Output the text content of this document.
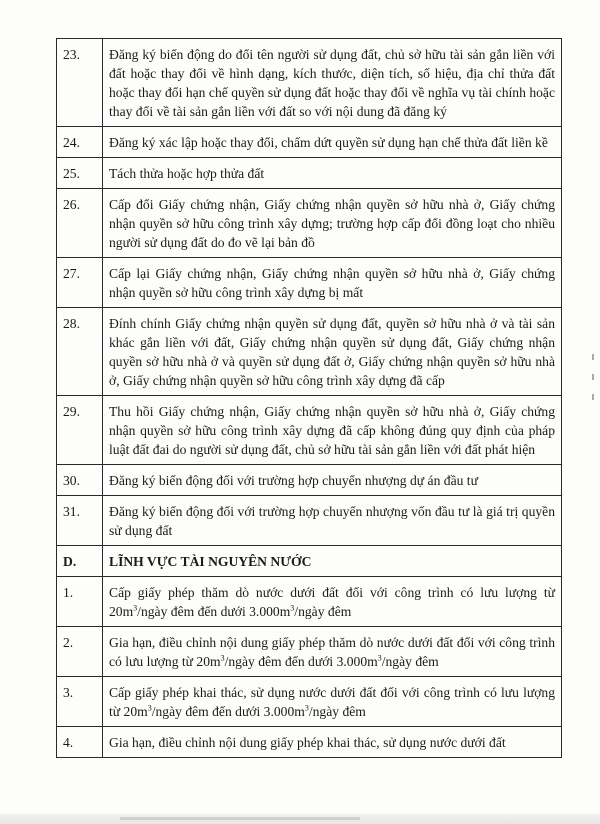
23.	Đăng ký biến động do đổi tên người sử dụng đất, chủ sở hữu tài sản gắn liền với đất hoặc thay đổi về hình dạng, kích thước, diện tích, số hiệu, địa chỉ thửa đất hoặc thay đổi hạn chế quyền sử dụng đất hoặc thay đổi về nghĩa vụ tài chính hoặc thay đổi về tài sản gắn liền với đất so với nội dung đã đăng ký
24.	Đăng ký xác lập hoặc thay đổi, chấm dứt quyền sử dụng hạn chế thửa đất liền kề
25.	Tách thửa hoặc hợp thửa đất
26.	Cấp đổi Giấy chứng nhận, Giấy chứng nhận quyền sở hữu nhà ở, Giấy chứng nhận quyền sở hữu công trình xây dựng; trường hợp cấp đổi đồng loạt cho nhiều người sử dụng đất do đo vẽ lại bản đồ
27.	Cấp lại Giấy chứng nhận, Giấy chứng nhận quyền sở hữu nhà ở, Giấy chứng nhận quyền sở hữu công trình xây dựng bị mất
28.	Đính chính Giấy chứng nhận quyền sử dụng đất, quyền sở hữu nhà ở và tài sản khác gắn liền với đất, Giấy chứng nhận quyền sử dụng đất, Giấy chứng nhận quyền sở hữu nhà ở và quyền sử dụng đất ở, Giấy chứng nhận quyền sở hữu nhà ở, Giấy chứng nhận quyền sở hữu công trình xây dựng đã cấp
29.	Thu hồi Giấy chứng nhận, Giấy chứng nhận quyền sở hữu nhà ở, Giấy chứng nhận quyền sở hữu công trình xây dựng đã cấp không đúng quy định của pháp luật đất đai do người sử dụng đất, chủ sở hữu tài sản gắn liền với đất phát hiện
30.	Đăng ký biến động đối với trường hợp chuyển nhượng dự án đầu tư
31.	Đăng ký biến động đối với trường hợp chuyển nhượng vốn đầu tư là giá trị quyền sử dụng đất
D.	LĨNH VỰC TÀI NGUYÊN NƯỚC
1.	Cấp giấy phép thăm dò nước dưới đất đối với công trình có lưu lượng từ $20m^3$/ngày đêm đến dưới $3.000m^3$/ngày đêm
2.	Gia hạn, điều chỉnh nội dung giấy phép thăm dò nước dưới đất đối với công trình có lưu lượng từ $20m^3$/ngày đêm đến dưới $3.000m^3$/ngày đêm
3.	Cấp giấy phép khai thác, sử dụng nước dưới đất đối với công trình có lưu lượng từ $20m^3$/ngày đêm đến dưới $3.000m^3$/ngày đêm
4.	Gia hạn, điều chỉnh nội dung giấy phép khai thác, sử dụng nước dưới đất
